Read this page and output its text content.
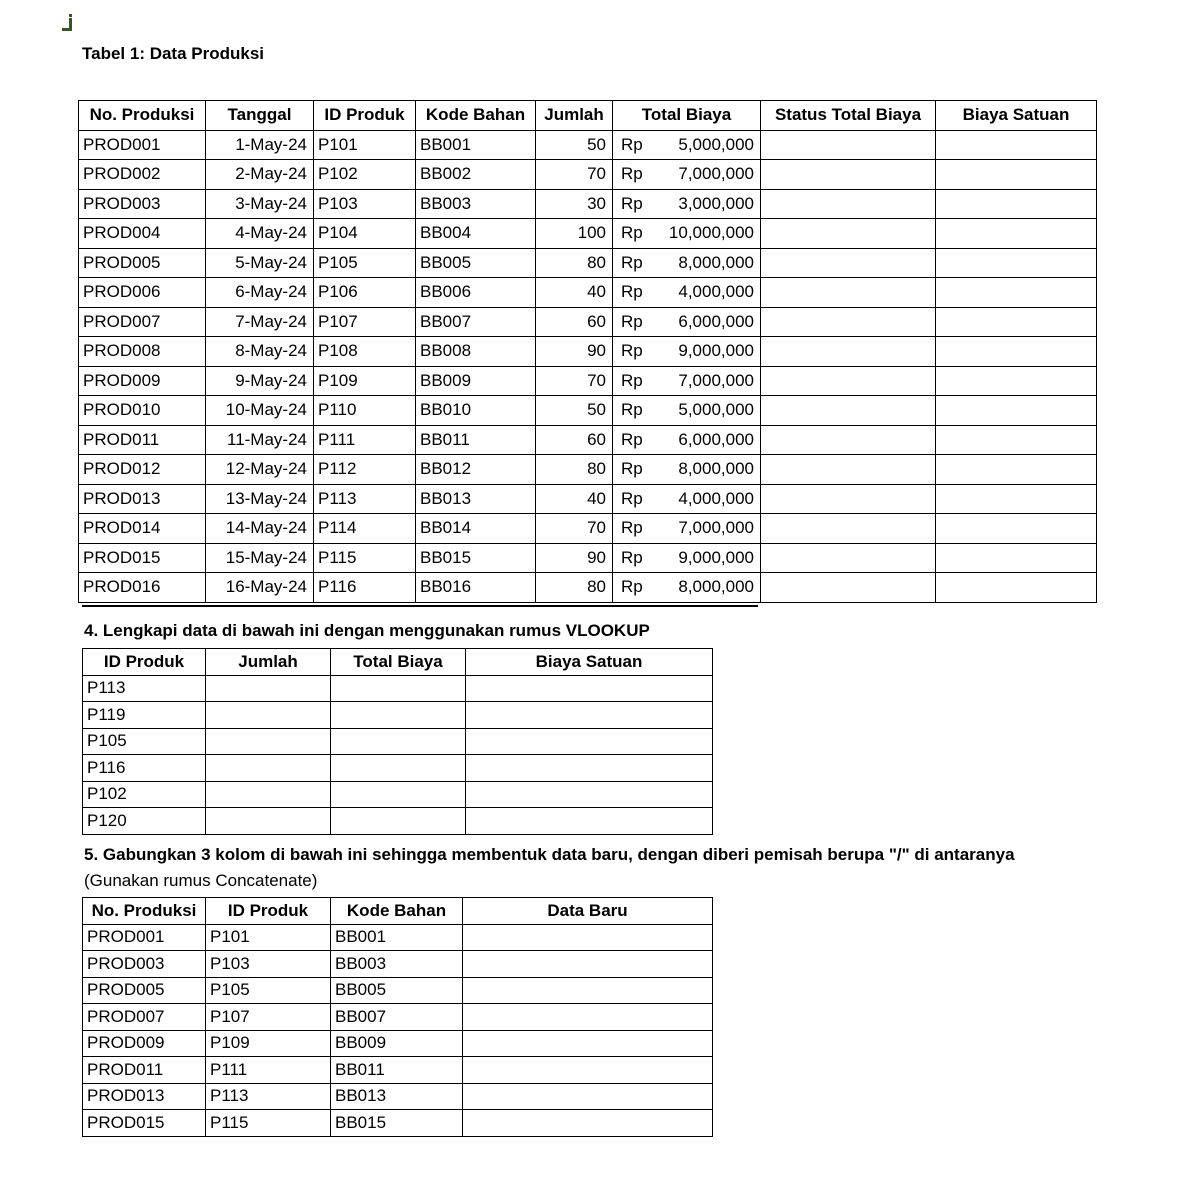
Tabel 1: Data Produksi
No. Produksi	Tanggal	ID Produk	Kode Bahan	Jumlah	Total Biaya	Status Total Biaya	Biaya Satuan
PROD001	1-May-24	P101	BB001	50	Rp 5,000,000		

PROD002	2-May-24	P102	BB002	70	Rp 7,000,000		

PROD003	3-May-24	P103	BB003	30	Rp 3,000,000		

PROD004	4-May-24	P104	BB004	100	Rp 10,000,000		

PROD005	5-May-24	P105	BB005	80	Rp 8,000,000		

PROD006	6-May-24	P106	BB006	40	Rp 4,000,000		

PROD007	7-May-24	P107	BB007	60	Rp 6,000,000		

PROD008	8-May-24	P108	BB008	90	Rp 9,000,000		

PROD009	9-May-24	P109	BB009	70	Rp 7,000,000		

PROD010	10-May-24	P110	BB010	50	Rp 5,000,000		

PROD011	11-May-24	P111	BB011	60	Rp 6,000,000		

PROD012	12-May-24	P112	BB012	80	Rp 8,000,000		

PROD013	13-May-24	P113	BB013	40	Rp 4,000,000		

PROD014	14-May-24	P114	BB014	70	Rp 7,000,000		

PROD015	15-May-24	P115	BB015	90	Rp 9,000,000		

PROD016	16-May-24	P116	BB016	80	Rp 8,000,000		

4. Lengkapi data di bawah ini dengan menggunakan rumus VLOOKUP
ID Produk	Jumlah	Total Biaya	Biaya Satuan
P113			
P119			
P105			
P116			
P102			
P120			
5. Gabungkan 3 kolom di bawah ini sehingga membentuk data baru, dengan diberi pemisah berupa "/" di antaranya
(Gunakan rumus Concatenate)
No. Produksi	ID Produk	Kode Bahan	Data Baru
PROD001	P101	BB001	
PROD003	P103	BB003	
PROD005	P105	BB005	
PROD007	P107	BB007	
PROD009	P109	BB009	
PROD011	P111	BB011	
PROD013	P113	BB013	
PROD015	P115	BB015	
